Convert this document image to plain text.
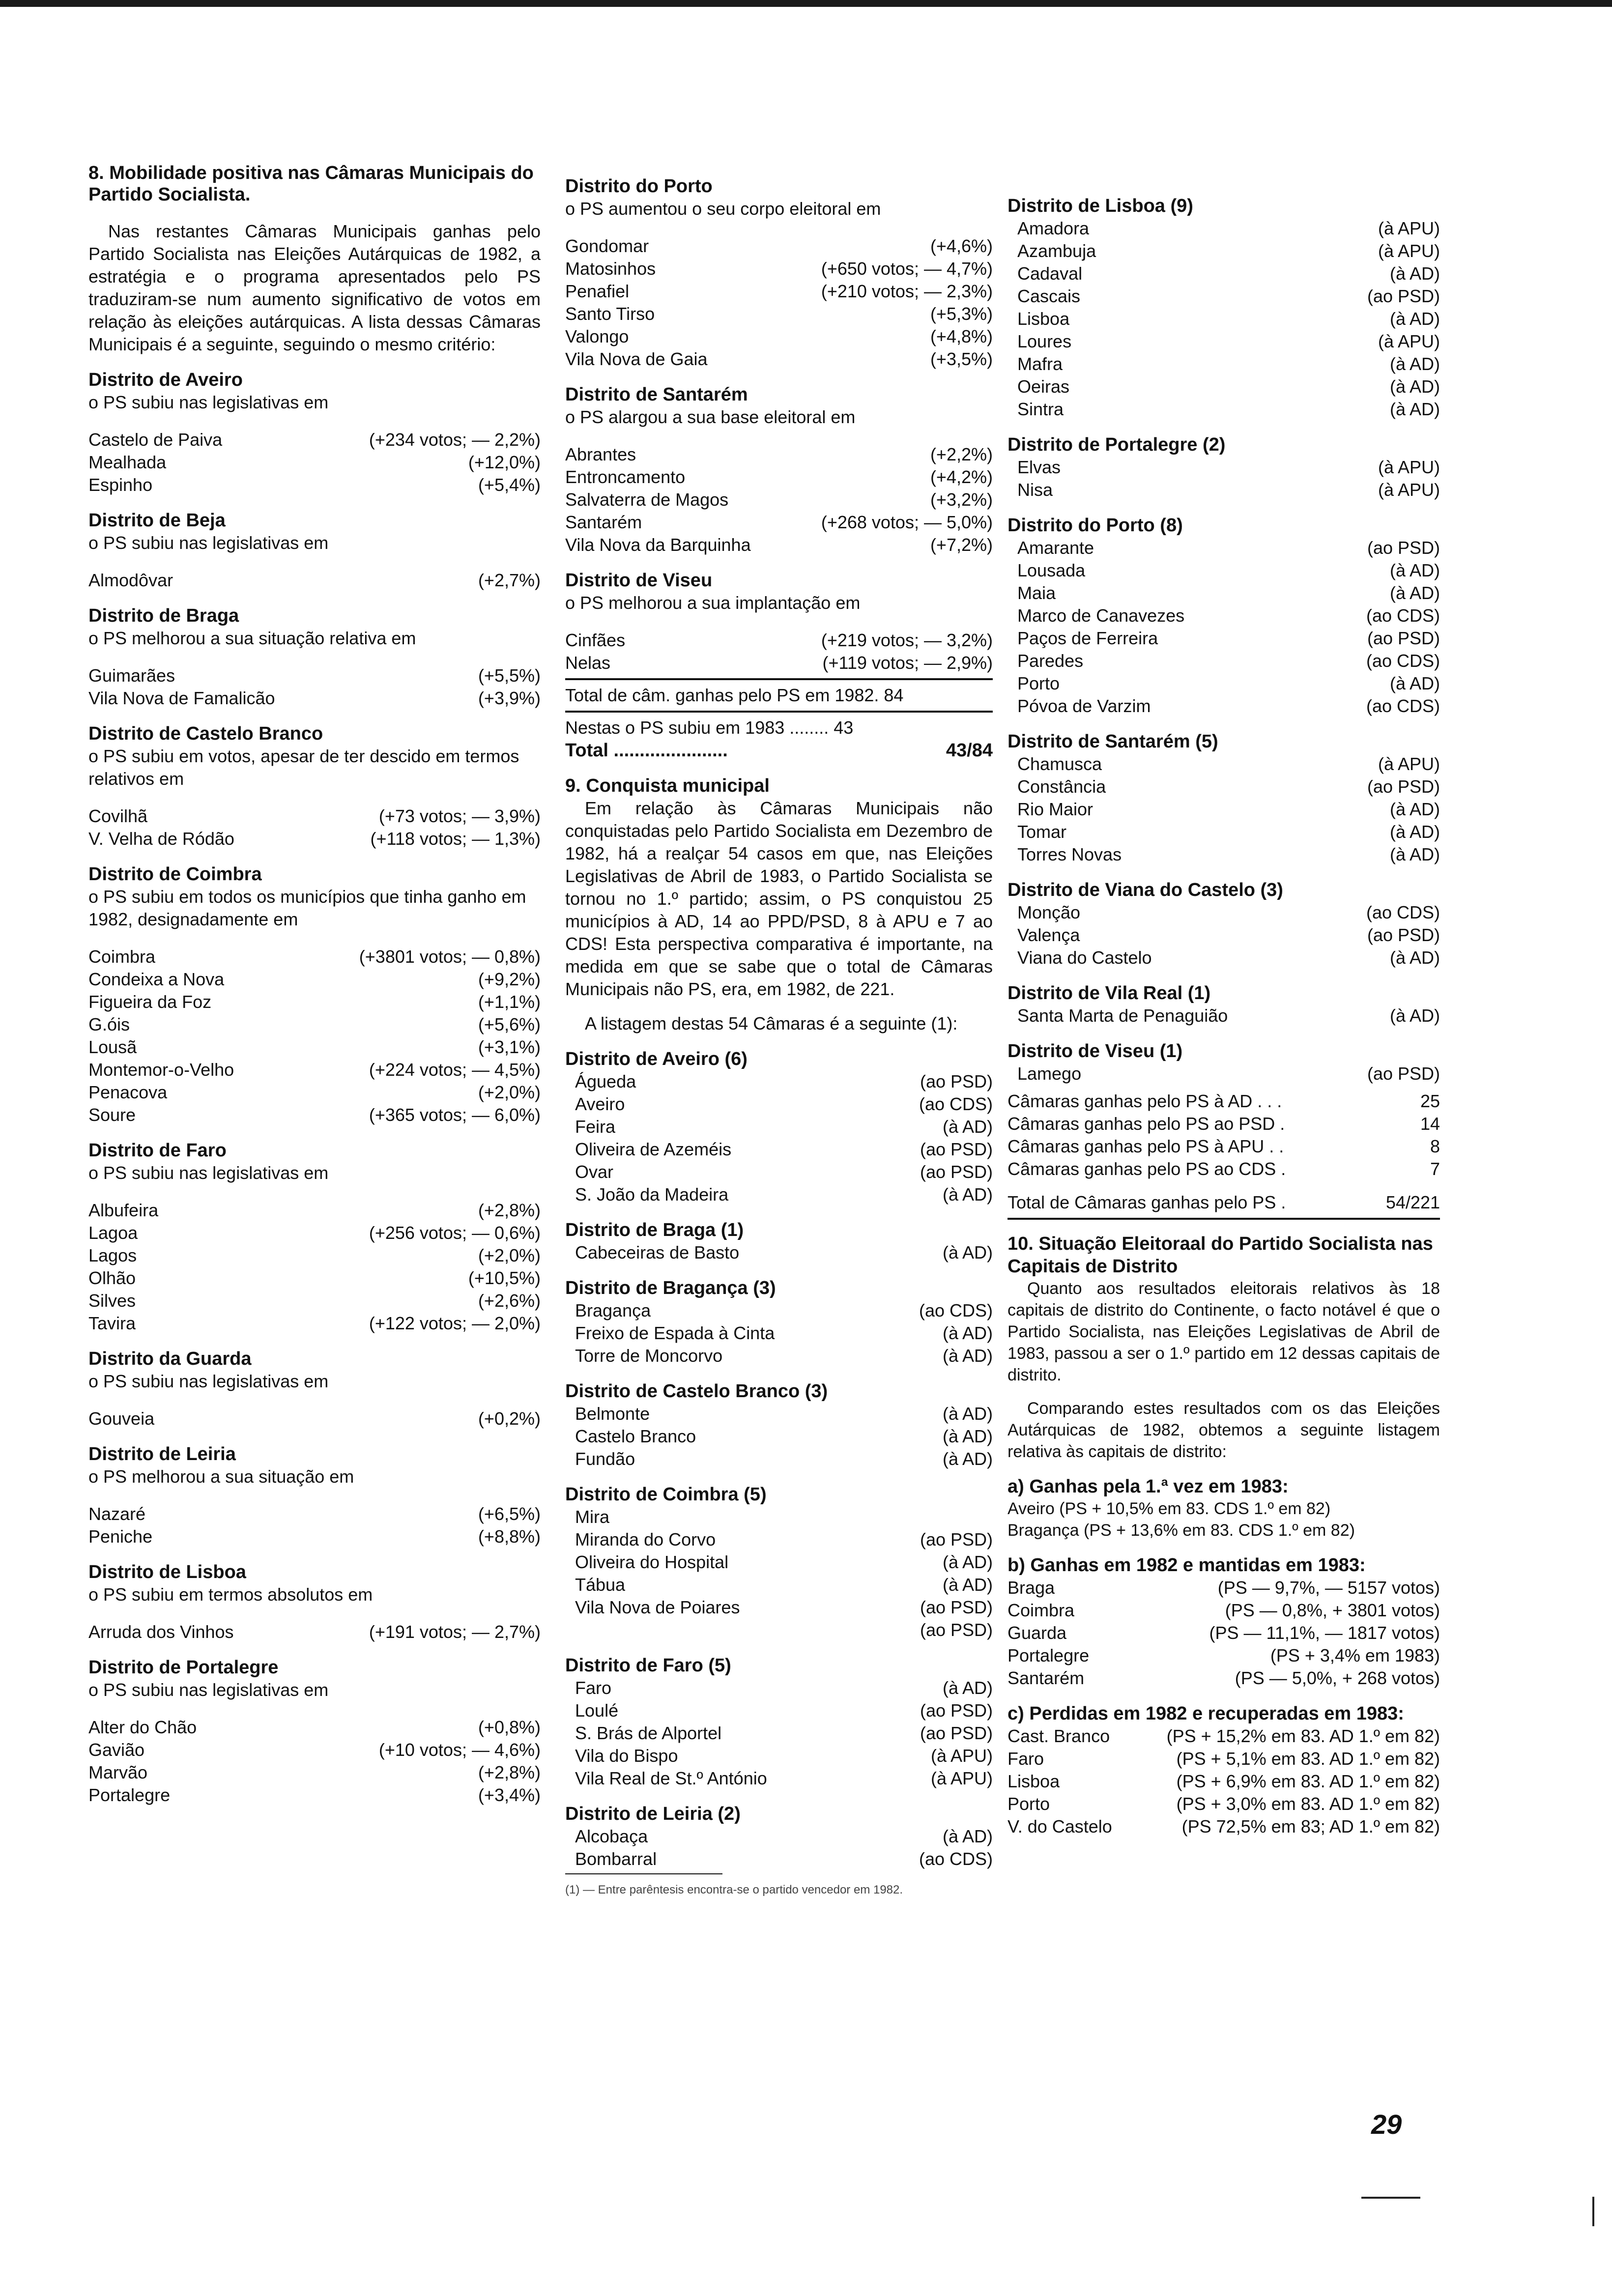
8. Mobilidade positiva nas Câmaras Municipais do Partido Socialista.

Nas restantes Câmaras Municipais ganhas pelo Partido Socialista nas Eleições Autárquicas de 1982, a estratégia e o programa apresentados pelo PS traduziram-se num aumento significativo de votos em relação às eleições autárquicas. A lista dessas Câmaras Municipais é a seguinte, seguindo o mesmo critério:

Distrito de Aveiro
o PS subiu nas legislativas em
Castelo de Paiva	(+234 votos; — 2,2%)
Mealhada	(+12,0%)
Espinho	(+5,4%)
Distrito de Beja
o PS subiu nas legislativas em
Almodôvar	(+2,7%)
Distrito de Braga
o PS melhorou a sua situação relativa em
Guimarães	(+5,5%)
Vila Nova de Famalicão	(+3,9%)
Distrito de Castelo Branco
o PS subiu em votos, apesar de ter descido em termos relativos em
Covilhã	(+73 votos; — 3,9%)
V. Velha de Ródão	(+118 votos; — 1,3%)
Distrito de Coimbra
o PS subiu em todos os municípios que tinha ganho em 1982, designadamente em
Coimbra	(+3801 votos; — 0,8%)
Condeixa a Nova	(+9,2%)
Figueira da Foz	(+1,1%)
G.óis	(+5,6%)
Lousã	(+3,1%)
Montemor-o-Velho	(+224 votos; — 4,5%)
Penacova	(+2,0%)
Soure	(+365 votos; — 6,0%)
Distrito de Faro
o PS subiu nas legislativas em
Albufeira	(+2,8%)
Lagoa	(+256 votos; — 0,6%)
Lagos	(+2,0%)
Olhão	(+10,5%)
Silves	(+2,6%)
Tavira	(+122 votos; — 2,0%)
Distrito da Guarda
o PS subiu nas legislativas em
Gouveia	(+0,2%)
Distrito de Leiria
o PS melhorou a sua situação em
Nazaré	(+6,5%)
Peniche	(+8,8%)
Distrito de Lisboa
o PS subiu em termos absolutos em
Arruda dos Vinhos	(+191 votos; — 2,7%)
Distrito de Portalegre
o PS subiu nas legislativas em
Alter do Chão	(+0,8%)
Gavião	(+10 votos; — 4,6%)
Marvão	(+2,8%)
Portalegre	(+3,4%)
Distrito do Porto
o PS aumentou o seu corpo eleitoral em
Gondomar	(+4,6%)
Matosinhos	(+650 votos; — 4,7%)
Penafiel	(+210 votos; — 2,3%)
Santo Tirso	(+5,3%)
Valongo	(+4,8%)
Vila Nova de Gaia	(+3,5%)
Distrito de Santarém
o PS alargou a sua base eleitoral em
Abrantes	(+2,2%)
Entroncamento	(+4,2%)
Salvaterra de Magos	(+3,2%)
Santarém	(+268 votos; — 5,0%)
Vila Nova da Barquinha	(+7,2%)
Distrito de Viseu
o PS melhorou a sua implantação em
Cinfães	(+219 votos; — 3,2%)
Nelas	(+119 votos; — 2,9%)
Total de câm. ganhas pelo PS em 1982. 84
Nestas o PS subiu em 1983 ........ 43
Total ......................	43/84
9. Conquista municipal

Em relação às Câmaras Municipais não conquistadas pelo Partido Socialista em Dezembro de 1982, há a realçar 54 casos em que, nas Eleições Legislativas de Abril de 1983, o Partido Socialista se tornou no 1.º partido; assim, o PS conquistou 25 municípios à AD, 14 ao PPD/PSD, 8 à APU e 7 ao CDS! Esta perspectiva comparativa é importante, na medida em que se sabe que o total de Câmaras Municipais não PS, era, em 1982, de 221.

A listagem destas 54 Câmaras é a seguinte (1):

Distrito de Aveiro (6)
Águeda	(ao PSD)
Aveiro	(ao CDS)
Feira	(à AD)
Oliveira de Azeméis	(ao PSD)
Ovar	(ao PSD)
S. João da Madeira	(à AD)
Distrito de Braga (1)
Cabeceiras de Basto	(à AD)
Distrito de Bragança (3)
Bragança	(ao CDS)
Freixo de Espada à Cinta	(à AD)
Torre de Moncorvo	(à AD)
Distrito de Castelo Branco (3)
Belmonte	(à AD)
Castelo Branco	(à AD)
Fundão	(à AD)
Distrito de Coimbra (5)
Mira
Miranda do Corvo	(ao PSD)
Oliveira do Hospital	(à AD)
Tábua	(à AD)
Vila Nova de Poiares	(ao PSD)
(ao PSD)
Distrito de Faro (5)
Faro	(à AD)
Loulé	(ao PSD)
S. Brás de Alportel	(ao PSD)
Vila do Bispo	(à APU)
Vila Real de St.º António	(à APU)
Distrito de Leiria (2)
Alcobaça	(à AD)
Bombarral	(ao CDS)
(1) — Entre parêntesis encontra-se o partido vencedor em 1982.
Distrito de Lisboa (9)
Amadora	(à APU)
Azambuja	(à APU)
Cadaval	(à AD)
Cascais	(ao PSD)
Lisboa	(à AD)
Loures	(à APU)
Mafra	(à AD)
Oeiras	(à AD)
Sintra	(à AD)
Distrito de Portalegre (2)
Elvas	(à APU)
Nisa	(à APU)
Distrito do Porto (8)
Amarante	(ao PSD)
Lousada	(à AD)
Maia	(à AD)
Marco de Canavezes	(ao CDS)
Paços de Ferreira	(ao PSD)
Paredes	(ao CDS)
Porto	(à AD)
Póvoa de Varzim	(ao CDS)
Distrito de Santarém (5)
Chamusca	(à APU)
Constância	(ao PSD)
Rio Maior	(à AD)
Tomar	(à AD)
Torres Novas	(à AD)
Distrito de Viana do Castelo (3)
Monção	(ao CDS)
Valença	(ao PSD)
Viana do Castelo	(à AD)
Distrito de Vila Real (1)
Santa Marta de Penaguião	(à AD)
Distrito de Viseu (1)
Lamego	(ao PSD)
Câmaras ganhas pelo PS à AD . . .	25
Câmaras ganhas pelo PS ao PSD .	14
Câmaras ganhas pelo PS à APU . .	8
Câmaras ganhas pelo PS ao CDS .	7
Total de Câmaras ganhas pelo PS .	54/221
10. Situação Eleitoraal do Partido Socialista nas Capitais de Distrito

Quanto aos resultados eleitorais relativos às 18 capitais de distrito do Continente, o facto notável é que o Partido Socialista, nas Eleições Legislativas de Abril de 1983, passou a ser o 1.º partido em 12 dessas capitais de distrito.

Comparando estes resultados com os das Eleições Autárquicas de 1982, obtemos a seguinte listagem relativa às capitais de distrito:

a) Ganhas pela 1.ª vez em 1983:
Aveiro (PS + 10,5% em 83. CDS 1.º em 82)
Bragança (PS + 13,6% em 83. CDS 1.º em 82)
b) Ganhas em 1982 e mantidas em 1983:
Braga	(PS — 9,7%, — 5157 votos)
Coimbra	(PS — 0,8%, + 3801 votos)
Guarda	(PS — 11,1%, — 1817 votos)
Portalegre	(PS + 3,4% em 1983)
Santarém	(PS — 5,0%, + 268 votos)
c) Perdidas em 1982 e recuperadas em 1983:
Cast. Branco	(PS + 15,2% em 83. AD 1.º em 82)
Faro	(PS + 5,1% em 83. AD 1.º em 82)
Lisboa	(PS + 6,9% em 83. AD 1.º em 82)
Porto	(PS + 3,0% em 83. AD 1.º em 82)
V. do Castelo	(PS 72,5% em 83; AD 1.º em 82)
29
